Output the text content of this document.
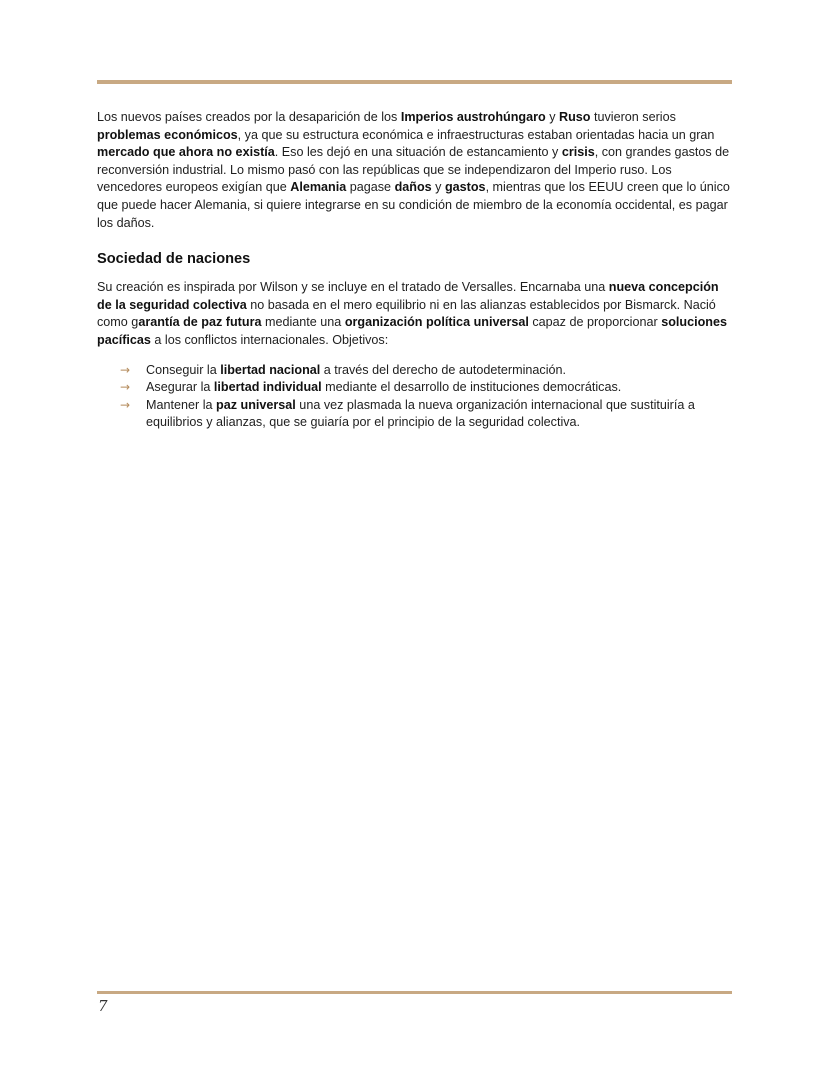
Los nuevos países creados por la desaparición de los Imperios austrohúngaro y Ruso tuvieron serios problemas económicos, ya que su estructura económica e infraestructuras estaban orientadas hacia un gran mercado que ahora no existía. Eso les dejó en una situación de estancamiento y crisis, con grandes gastos de reconversión industrial. Lo mismo pasó con las repúblicas que se independizaron del Imperio ruso. Los vencedores europeos exigían que Alemania pagase daños y gastos, mientras que los EEUU creen que lo único que puede hacer Alemania, si quiere integrarse en su condición de miembro de la economía occidental, es pagar los daños.

Sociedad de naciones

Su creación es inspirada por Wilson y se incluye en el tratado de Versalles. Encarnaba una nueva concepción de la seguridad colectiva no basada en el mero equilibrio ni en las alianzas establecidos por Bismarck. Nació como garantía de paz futura mediante una organización política universal capaz de proporcionar soluciones pacíficas a los conflictos internacionales. Objetivos:

→ Conseguir la libertad nacional a través del derecho de autodeterminación.
→ Asegurar la libertad individual mediante el desarrollo de instituciones democráticas.
→ Mantener la paz universal una vez plasmada la nueva organización internacional que sustituiría a equilibrios y alianzas, que se guiaría por el principio de la seguridad colectiva.
7
